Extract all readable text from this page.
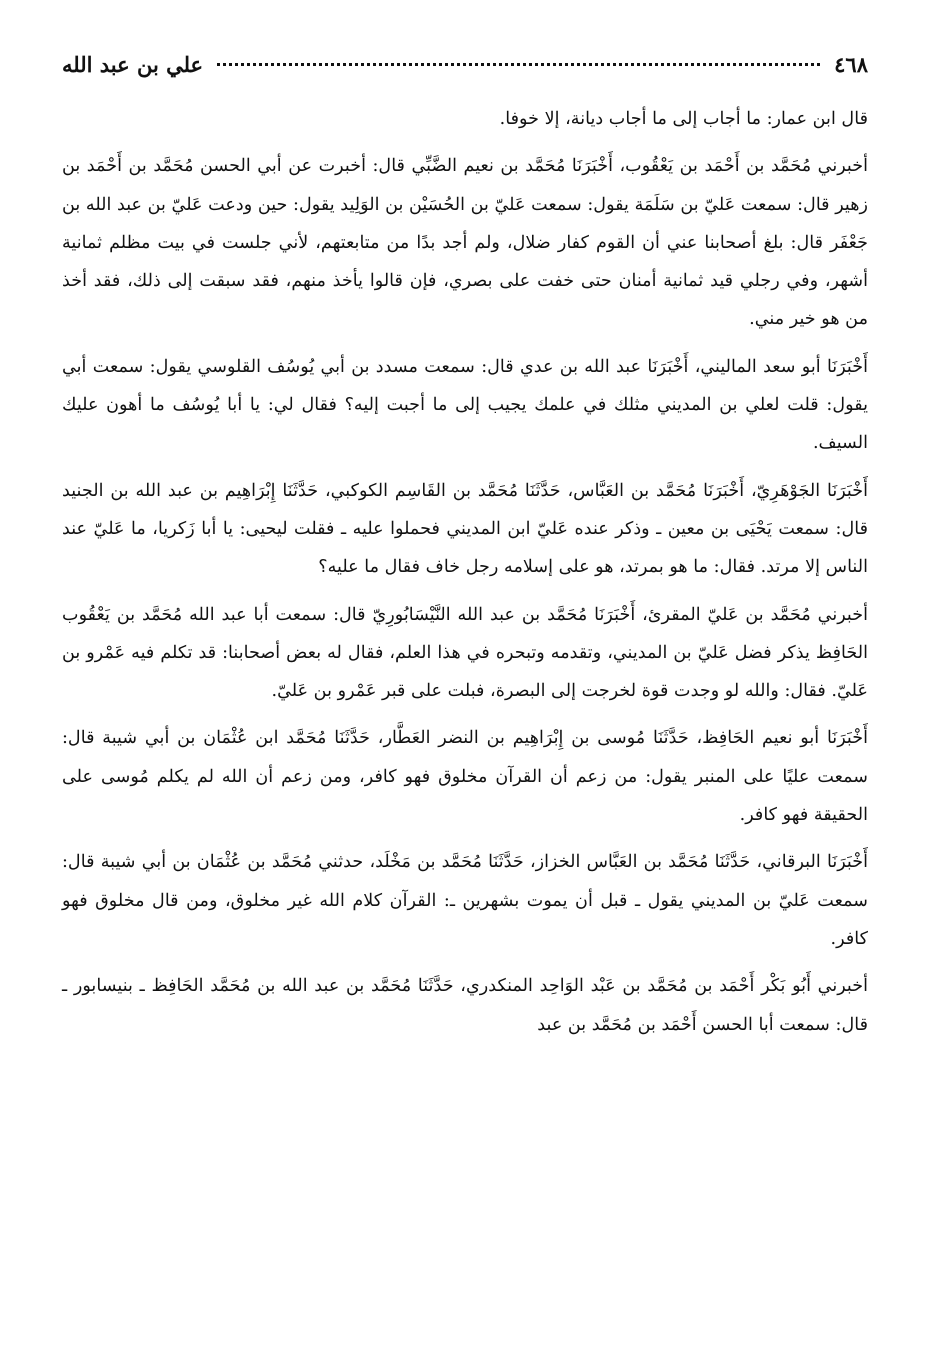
٤٦٨
علي بن عبد الله

قال ابن عمار: ما أجاب إلى ما أجاب ديانة، إلا خوفا.

أخبرني مُحَمَّد بن أَحْمَد بن يَعْقُوب، أَخْبَرَنَا مُحَمَّد بن نعيم الضَّبِّي قال: أخبرت عن أبي الحسن مُحَمَّد بن أَحْمَد بن زهير قال: سمعت عَليّ بن سَلَمَة يقول: سمعت عَليّ بن الحُسَيْن بن الوَلِيد يقول: حين ودعت عَليّ بن عبد الله بن جَعْفَر قال: بلغ أصحابنا عني أن القوم كفار ضلال، ولم أجد بدًا من متابعتهم، لأني جلست في بيت مظلم ثمانية أشهر، وفي رجلي قيد ثمانية أمنان حتى خفت على بصري، فإن قالوا يأخذ منهم، فقد سبقت إلى ذلك، فقد أخذ من هو خير مني.

أَخْبَرَنَا أبو سعد الماليني، أَخْبَرَنَا عبد الله بن عدي قال: سمعت مسدد بن أبي يُوسُف القلوسي يقول: سمعت أبي يقول: قلت لعلي بن المديني مثلك في علمك يجيب إلى ما أجبت إليه؟ فقال لي: يا أبا يُوسُف ما أهون عليك السيف.

أَخْبَرَنَا الجَوْهَرِيّ، أَخْبَرَنَا مُحَمَّد بن العَبَّاس، حَدَّثَنَا مُحَمَّد بن القَاسِم الكوكبي، حَدَّثَنَا إِبْرَاهِيم بن عبد الله بن الجنيد قال: سمعت يَحْيَى بن معين ـ وذكر عنده عَليّ ابن المديني فحملوا عليه ـ فقلت ليحيى: يا أبا زَكريا، ما عَليّ عند الناس إلا مرتد. فقال: ما هو بمرتد، هو على إسلامه رجل خاف فقال ما عليه؟

أخبرني مُحَمَّد بن عَليّ المقرئ، أَخْبَرَنَا مُحَمَّد بن عبد الله النَّيْسَابُورِيّ قال: سمعت أبا عبد الله مُحَمَّد بن يَعْقُوب الحَافِظ يذكر فضل عَليّ بن المديني، وتقدمه وتبحره في هذا العلم، فقال له بعض أصحابنا: قد تكلم فيه عَمْرو بن عَليّ. فقال: والله لو وجدت قوة لخرجت إلى البصرة، فبلت على قبر عَمْرو بن عَليّ.

أَخْبَرَنَا أبو نعيم الحَافِظ، حَدَّثَنَا مُوسى بن إِبْرَاهِيم بن النضر العَطَّار، حَدَّثَنَا مُحَمَّد ابن عُثْمَان بن أبي شيبة قال: سمعت عليًا على المنبر يقول: من زعم أن القرآن مخلوق فهو كافر، ومن زعم أن الله لم يكلم مُوسى على الحقيقة فهو كافر.

أَخْبَرَنَا البرقاني، حَدَّثَنَا مُحَمَّد بن العَبَّاس الخزاز، حَدَّثَنَا مُحَمَّد بن مَخْلَد، حدثني مُحَمَّد بن عُثْمَان بن أبي شيبة قال: سمعت عَليّ بن المديني يقول ـ قبل أن يموت بشهرين ـ: القرآن كلام الله غير مخلوق، ومن قال مخلوق فهو كافر.

أخبرني أَبُو بَكْر أَحْمَد بن مُحَمَّد بن عَبْد الوَاحِد المنكدري، حَدَّثَنَا مُحَمَّد بن عبد الله بن مُحَمَّد الحَافِظ ـ بنيسابور ـ قال: سمعت أبا الحسن أَحْمَد بن مُحَمَّد بن عبد
